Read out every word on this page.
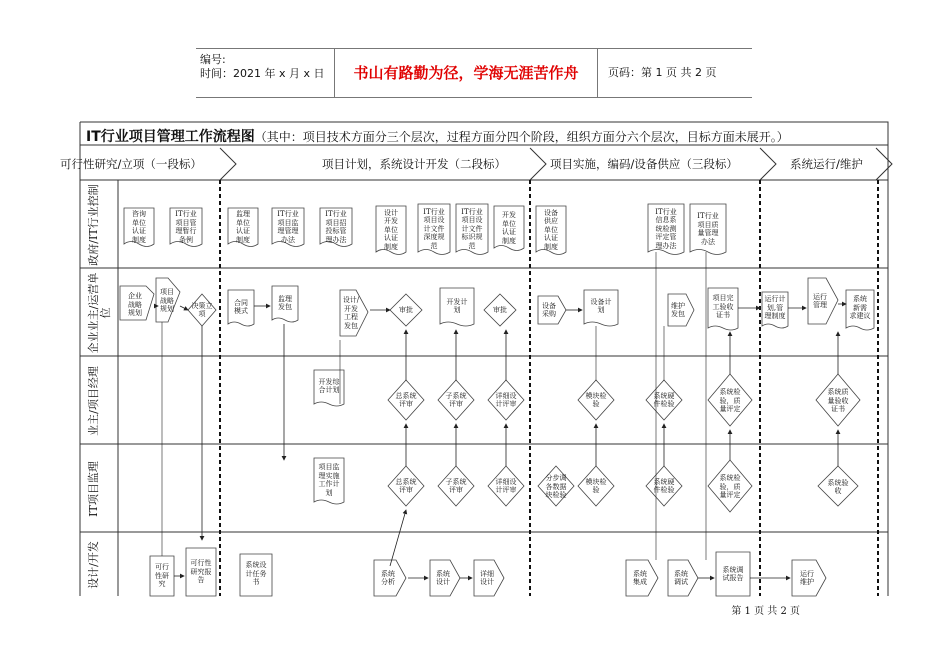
编号:
时间：2021 年 x 月 x 日	书山有路勤为径，学海无涯苦作舟	页码：第 1 页 共 2 页
IT行业项目管理工作流程图（其中：项目技术方面分三个层次，过程方面分四个阶段，组织方面分六个层次，目标方面未展开。）
可行性研究/立项（一段标）	项目计划，系统设计开发（二段标）	项目实施，编码/设备供应（三段标）	系统运行/维护
政府/IT行业控制
企业业主/运营单位
业主/项目经理
IT项目监理
设计/开发
咨询
单位
认证
制度
IT行业
项目管
理暂行
条例
监理
单位
认证
制度
IT行业
项目监
理管理
办法
IT行业
项目招
投标管
理办法
设计
开发
单位
认证
制度
IT行业
项目设
计文件
深度规
范
IT行业
项目设
计文件
标识规
范
开发
单位
认证
制度
设备
供应
单位
认证
制度
IT行业
信息系
统检测
评定管
理办法
IT行业
项目质
量管理
办法
企业
战略
规划
项目
战略
规划	决策立
项
合同
模式
监理
发包
设计/
开发
工程
发包
审批
开发计
划	审批
设备
采购
设备计
划
维护
发包
项目完
工验收
证书
运行计
划,管
理制度
运行
管理
系统
新需
求建议
开发综
合计划
总系统
评审
子系统
评审
详细设
计评审
模块检
验
系统硬
件检验
系统检
验，质
量评定
系统质
量验收
证书
项目监
理实施
工作计
划
总系统
评审
子系统
评审
详细设
计评审
分步调
各数据
块检验
模块检
验
系统硬
件检验
系统检
验，质
量评定
系统验
收
可行
性研
究
可行性
研究报
告
系统设
计任务
书
系统
分析
系统
设计
详细
设计
系统
集成
系统
调试
系统调
试报告
运行
维护
第 1 页 共 2 页
